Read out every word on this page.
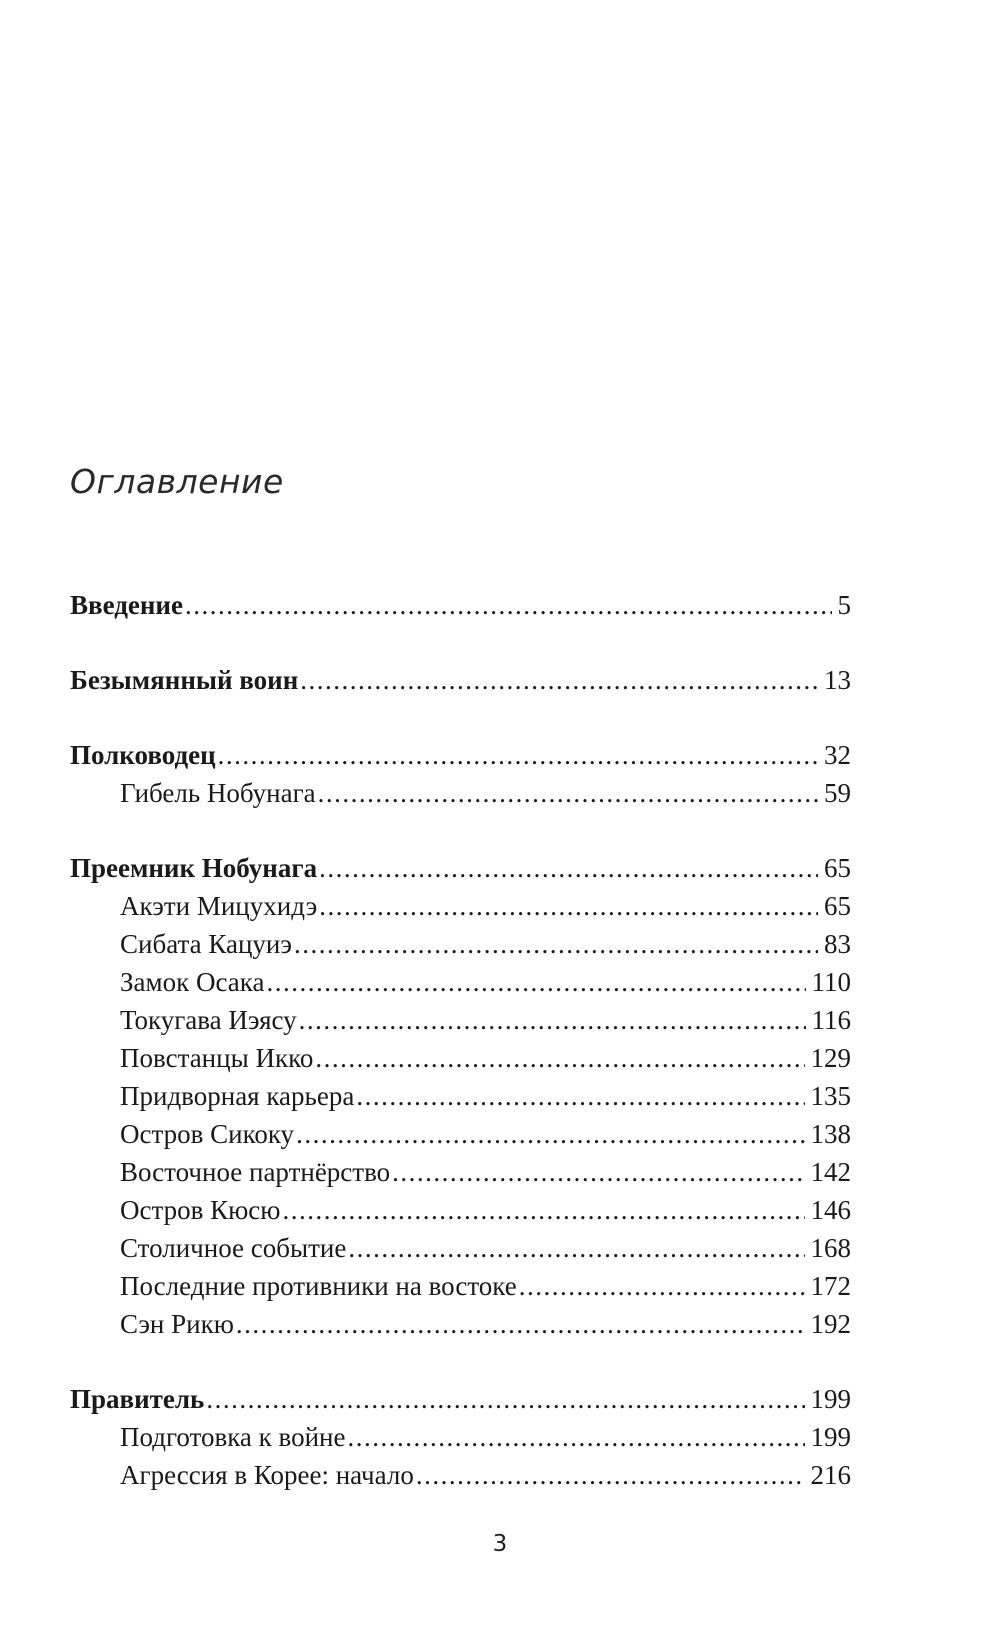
Оглавление
Введение .....	5
Безымянный воин .....	13
Полководец .....	32
Гибель Нобунага .....	59
Преемник Нобунага .....	65
Акэти Мицухидэ .....	65
Сибата Кацуиэ .....	83
Замок Осака .....	110
Токугава Иэясу .....	116
Повстанцы Икко .....	129
Придворная карьера .....	135
Остров Сикоку .....	138
Восточное партнёрство .....	142
Остров Кюсю .....	146
Столичное событие .....	168
Последние противники на востоке .....	172
Сэн Рикю .....	192
Правитель .....	199
Подготовка к войне .....	199
Агрессия в Корее: начало .....	216
3
